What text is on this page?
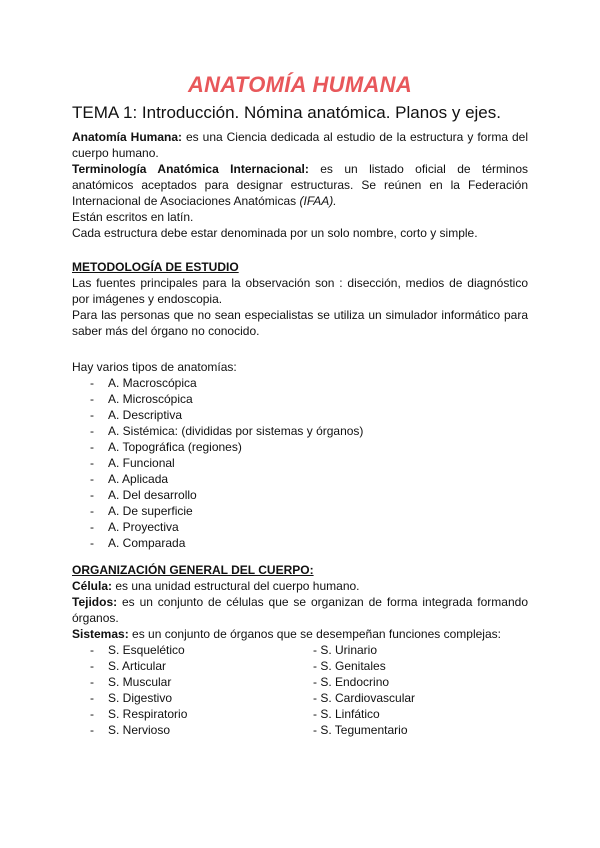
ANATOMÍA HUMANA
TEMA 1: Introducción. Nómina anatómica. Planos y ejes.

Anatomía Humana: es una Ciencia dedicada al estudio de la estructura y forma del cuerpo humano.

Terminología Anatómica Internacional: es un listado oficial de términos anatómicos aceptados para designar estructuras. Se reúnen en la Federación Internacional de Asociaciones Anatómicas (IFAA).

Están escritos en latín.

Cada estructura debe estar denominada por un solo nombre, corto y simple.

METODOLOGÍA DE ESTUDIO

Las fuentes principales para la observación son : disección, medios de diagnóstico por imágenes y endoscopia.

Para las personas que no sean especialistas se utiliza un simulador informático para saber más del órgano no conocido.

Hay varios tipos de anatomías:

- A. Macroscópica
- A. Microscópica
- A. Descriptiva
- A. Sistémica: (divididas por sistemas y órganos)
- A. Topográfica (regiones)
- A. Funcional
- A. Aplicada
- A. Del desarrollo
- A. De superficie
- A. Proyectiva
- A. Comparada
ORGANIZACIÓN GENERAL DEL CUERPO:

Célula: es una unidad estructural del cuerpo humano.

Tejidos: es un conjunto de células que se organizan de forma integrada formando órganos.

Sistemas: es un conjunto de órganos que se desempeñan funciones complejas:

- S. Esquelético	- S. Urinario
- S. Articular	- S. Genitales
- S. Muscular	- S. Endocrino
- S. Digestivo	- S. Cardiovascular
- S. Respiratorio	- S. Linfático
- S. Nervioso	- S. Tegumentario
